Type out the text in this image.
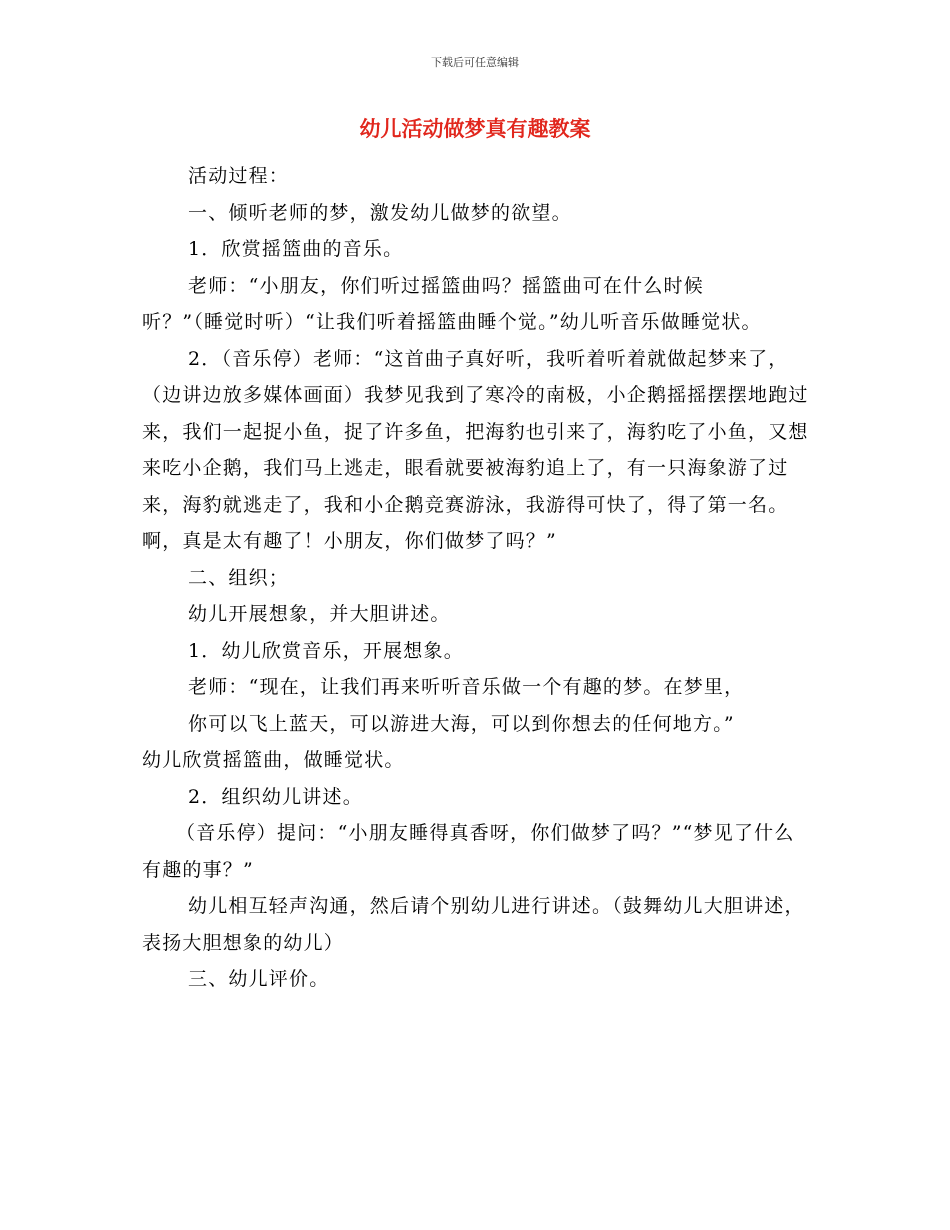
下载后可任意编辑
幼儿活动做梦真有趣教案

活动过程：

一、倾听老师的梦，激发幼儿做梦的欲望。

1．欣赏摇篮曲的音乐。

老师：“小朋友，你们听过摇篮曲吗？摇篮曲可在什么时候

听？”（睡觉时听）“让我们听着摇篮曲睡个觉。”幼儿听音乐做睡觉状。

2．（音乐停）老师：“这首曲子真好听，我听着听着就做起梦来了，（边讲边放多媒体画面）我梦见我到了寒冷的南极，小企鹅摇摇摆摆地跑过来，我们一起捉小鱼，捉了许多鱼，把海豹也引来了，海豹吃了小鱼，又想来吃小企鹅，我们马上逃走，眼看就要被海豹追上了，有一只海象游了过来，海豹就逃走了，我和小企鹅竞赛游泳，我游得可快了，得了第一名。啊，真是太有趣了！小朋友，你们做梦了吗？”

二、组织；

幼儿开展想象，并大胆讲述。

1．幼儿欣赏音乐，开展想象。

老师：“现在，让我们再来听听音乐做一个有趣的梦。在梦里，

你可以飞上蓝天，可以游进大海，可以到你想去的任何地方。”

幼儿欣赏摇篮曲，做睡觉状。

2．组织幼儿讲述。

（音乐停）提问：“小朋友睡得真香呀，你们做梦了吗？”“梦见了什么有趣的事？”

幼儿相互轻声沟通，然后请个别幼儿进行讲述。（鼓舞幼儿大胆讲述，表扬大胆想象的幼儿）

三、幼儿评价。
